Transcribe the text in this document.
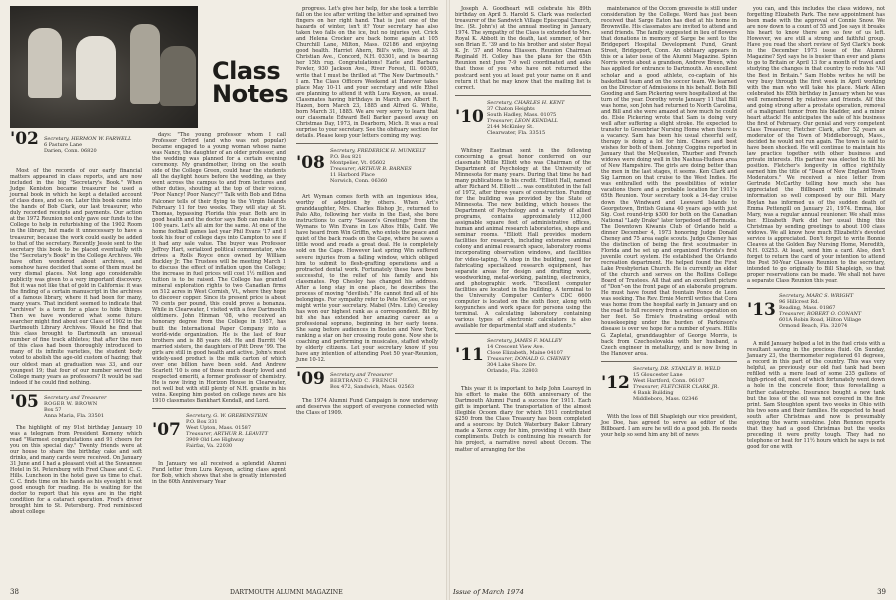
Class
Notes
'02 Secretary, HERMON W. FARWELL
6 Pasture Lane
Darien, Conn. 06820

Most of the records of our early financial matters appeared in class reports, and are now included in the big "Secretary's Book." When Judge Keniston became treasurer he used a journal book in which he kept a detailed account of class dues, and so on. Later this book came into the hands of Bob Clark, our last treasurer, who duly recorded receipts and payments. Our action at the 1972 Reunion not only gave our funds to the College to help in refurbishing of the 1902 Room in the library, but made it unnecessary to have a treasurer, because the work could easily be added to that of the secretary. Recently Jessie sent to the secretary this book to be placed eventually with the "Secretary's Book" in the College Archives. We have often wondered about archives, and somehow have decided that some of them must be very dismal places. Not long ago considerable publicity was given to a very important discovery. But it was not like that of gold in California: it was the finding of a certain manuscript in the archives of a famous library, where it had been for many, many years. That incident seemed to indicate that "archives" is a term for a place to hide things. Then we have wondered what some future searcher might find about our Class of 1902 in the Dartmouth Library Archives. Would he find that this class brought to Dartmouth an unusual number of fine track athletes; that after the men of this class had been thoroughly introduced to many of its infinite varieties, the student body voted to abolish the age-old custom of hazing; that our oldest man at graduation was 33, and our youngest 19; that four of our number served the College many years as professors? It would be sad indeed if he could find nothing.

'05 Secretary and Treasurer
ROGER W. BROWN
Box 57
Anna Maria, Fla. 33501

The highlight of my 91st birthday January 10 was a telegram from President Kemeny which read "Warmest congratulations and 91 cheers for you on this special day." Twenty friends were at our house to share the birthday cake and soft drinks, and many cards were received. On January 31 June and I had a pleasant visit at the Suwannee Hotel in St. Petersburg with Fred Chase and C. C. Hills. Luncheon in the hotel gave us time to chat. C. C. finds time on his hands as his eyesight is not good enough for reading. He is waiting for the doctor to report that his eyes are in the right condition for a cataract operation. Fred's driver brought him to St. Petersburg. Fred reminisced about college

days: "The young professor whom I call Professor Orford (and who was not popular) became engaged to a young woman whose name was Nancy, the daughter of an older professor, and the wedding was planned for a certain evening ceremony. My grandmother, living on the south side of the College Green, could hear the students all the daylight hours before the wedding, as they went across the campus to and from lectures and other duties, shouting at the top of their voices, 'Poor Nancy! Poor Nancy!'" Talk with Bob and Edna Falconer tells of their flying to the Virgin Islands February 11 for two weeks. They will stay at St. Thomas, bypassing Florida this year. Both are in good health and the doctor says Bob can make it to 100 years. Let's all aim for the same. At one of the home football games last year Phil Evans '17 and I took his four of college days into Campton to see if it had any sale value. The buyer was Professor Jeffrey Hart, serialized political commentator, who drives a Rolls Royce once owned by William Buckley Jr. The Trustees will be meeting March 1 to discuss the effect of inflation upon the College; the increase in fuel prices will cost 1½ million and tuition is to be raised. The College has granted mineral exploration rights to two Canadian firms on 512 acres in West Cornish, Vt., where they hope to discover copper. Since its present price is about 70 cents per pound, this could prove a bonanza. While in Clearwater, I visited with a few Dartmouth oldtimers. John Hinman '08, who received an honorary degree from the College in 1957, has built the International Paper Company into a world-wide organization. He is the last of four brothers and is 88 years old. He and Burritt '04 married sisters, the daughters of Pitt Drew '99. The girls are still in good health and active. John's most widely-used product is the milk carton of which over one billion have been sold. And Andrew Scarlett '10 is one of those much dearly loved and respected emeriti, a former professor of chemistry. He is now living in Horizon House in Clearwater, not well but with still plenty of N.H. granite in his veins. Keeping him posted on college news are his 1910 classmates Bankhart Kendall, and Lord.

'07
Secretary, G. W. GREBENSTEIN
P.O. Box 331
West Upton, Mass. 01587
Treasurer, ARTHUR R. LEAVITT
3909 Old Lee Highway
Fairfax, Va. 22030

In January we all received a splendid Alumni Fund letter from Lura Keyson, acting class agent for Bob, which shows that she is greatly interested in the 60th Anniversary Year

progress. Let's give her help, for she took a terrible fall on the ice after writing the letter and sprained two fingers on her right hand. That is just one of the hazards of winter, isn't it? Your secretary has also taken two falls on the ice, but no injuries yet. Crick and Helena Crocker are back home again at 105 Churchill Lane, Milton, Mass. 02186 and enjoying good health. Harriet Ahern, Bill's wife, lives at 33 Christian Ave., Concord, N.H. 03301, and is bearing her 15th rug. Congratulations! Earle and Barbara Fowler, 930 Jackson Ave., River Forest, Ill. 60305, write that I must be thrilled at "The New Dartmouth." I am. The Class Officers Weekend at Hanover takes place May 10-11 and your secretary and wife Ethel are planning to attend it with Lura Keyson, as usual. Classmates having birthdays in March are Albert R. Hazen, born March 23, 1885 and Alfred G. White, born March 31, 1885. We are very sorry to learn that our classmate Edward Bell Barker passed away on Christmas Day, 1973, in Dearborn, Mich. It was a real surprise to your secretary. See the obituary section for details. Please keep your letters coming my way.

'08
Secretary, FREDERICK H. MUNKELT
P.O. Box 821
Montpelier, Vt. 05602
Treasurer, ARTHUR B. BARNES
11 Harbord Place
Norwich, Conn. 06360

Art Wyman comes forth with an ingenious idea, worthy of adoption by others. When Art's granddaughter, Mrs. Charles Bishop Jr., returned to Palo Alto, following her visits in the East, she bore instructions to carry "Season's Greetings" from the Wymans to Win Evans in Los Altos Hills, Calif. We have heard from Win Griffin, who extols the peace and quiet of the back roads on the Cape, where he saws a little wood and reads a great deal. He is completely sold on the Cape. However last spring Win suffered severe injuries from a falling window, which obliged him to submit to flesh-grafting operations and a protracted dental work. Fortunately these have been successful, to the relief of his family and his classmates. Pop Chesley has changed his address. After a long stay in one place, he describes the process of moving "devilish." He cannot find all of his belongings. For sympathy refer to Pete McGee, or you might write your secretary. Mabel (Mrs. Life) Greeley has won our highest rank as a correspondent. Bit by bit she has extended her amazing career as a professional soprano, beginning in her early teens. She sang before audiences in Boston and New York, ranking a star on her crossing route gone. Now she is coaching and performing in musicales, staffed wholly by elderly citizens. Let your secretary know if you have any intention of attending Post 50 year-Reunion, June 10-12.

'09 Secretary and Treasurer
BERTRAND C. FRENCH
Box 472, Sandwich, Mass. 02563

The 1974 Alumni Fund Campaign is now underway and deserves the support of everyone connected with the Class of 1909.

38	DARTMOUTH ALUMNI MAGAZINE

Joseph A. Goodheart will celebrate his 89th birthday on April 5. Harold S. Clark was reelected treasurer of the Sandwich Village Episcopal Church, Inc. (St. John's) at the annual meeting in January 1974. The sympathy of the Class is extended to Mrs. Royal K. Abbott in the death, last summer, of her son Brian E. '39 and to his brother and sister Royal K. Jr. '37 and Mona Eliassen. Reunion Chairman Reginald H. Colley has the plans for the 65th Reunion next June 7-9 well coordinated and asks that those of you who have not returned the postcard sent you at least put your name on it and return it that he may know that the mailing list is correct.

'10
Secretary, CHARLES H. KENT
37 Chaton Heights
South Hadley, Mass. 01075
Treasurer, LEON KENDALL
2144 McKinley St.
Clearwater, Fla. 33515

Whitney Eastman sent in the following concerning a great honor conferred on our classmate Millie Elliott who was Chairman of the Department of Psychology at the University of Minnesota for many years. During that time he had many publications to his credit. "Elliott Hall, named after Richard M. Elliott ... was constituted in the fall of 1972, after three years of construction. Funding for the building was provided by the State of Minnesota. The new building, which houses the Department of Psychology and a variety of allied programs, contains approximately 112,000 assignable square feet of administrative offices, human and animal research laboratories, shops and seminar rooms. "Elliott Hall provides modern facilities for research, including extensive animal colony and animal research space, laboratory rooms incorporating observation windows, and facilities for video-taping. "A shop in the building, used for fabricating specialized research equipment, has separate areas for design and drafting work, woodworking, metal-working, painting, electronics, and photographic work. "Excellent computer facilities are located in the building. A terminal to the University Computer Center's CDC 6600 computer is located on the sixth floor, along with keypunches and work space for persons using the terminal. A calculating laboratory containing various types of electronic calculators is also available for departmental staff and students."

'11
Secretary, JAMES F. MALLEY
14 Crescent View Ave.
Close Elizabeth, Maine 04107
Treasurer, DONALD G. CHENEY
304 Lake Shore Dr.
Orlando, Fla. 32803

This year it is important to help John Learoyd in his effort to make the 60th anniversary of the Dartmouth Alumni Fund a success for 1911. Each gift is important. The transportation of the almost illegible Ocoom diary for which 1911 contributed $250 from the Class Treasury has been completed and a sources: by Dutch Waterbury Baker Library made a Xerox copy for him, providing it with their compliments. Dutch is continuing his research for his project, a narrative novel about Occom. The matter of arranging for the

maintenance of the Occom gravesite is still under consideration by the College. Word has just been received that Sarge Eaton has died at his home in Brownville. His classmates are invited to attend and send friends. The family suggested in lieu of flowers that donations in memory of Sarge be sent to the Bridgeport Hospital Development Fund, Grant Street, Bridgeport, Conn. An obituary appears in this or a later issue of the Alumni Magazine. Spinn Norris wrote about a grandson, Andrew Breen, who has applied for entrance to Dartmouth. An excellent scholar and a good athlete, co-captain of his basketball team and on the soccer team. We learned on the Director of Admissions in his behalf. Both Bill Gooding and Sam Pickering were hospitalized at the turn of the year. Dorothy wrote January 11 that Bill was home, son John had returned to North Carolina, and Bill and she were amazed at how much he could do. Elsie Pickering wrote that Sam is doing very well after suffering a slight stroke. He expected to transfer to Greenbriar Nursing Home when there is a vacancy. Sam has been his usual cheerful self, therapy is doing a lot for him. Cheers and best wishes for both of them. Johnny Coggins reported in January that the McQuesten, Thurber and French widows were doing well in the Nashua-Hudson area of New Hampshire. The girls are doing better than the men in the last stages, it seems. Ken Clark and Sig Larmon on that cruise to the West Indies. He was enthralled with the possibilities of winter vacations there and a probable location for 1911's 65th Reunion. Your secretary took a 34-day cruise down the Windward and Leeward Islands to Georgetown, British Guiana 40 years ago with just Sig. Cost round-trip $300 for both on the Canadian National "Lady Drake" later torpedoed off Bermuda. The Downtown Kiwanis Club of Orlando held a dinner December 4, 1973 honoring Judge Donald Cheney and 75 area eagle scouts. Judge Cheney has the distinction of being the first scoutmaster in Florida and he set up and organized Florida's first juvenile court system. He established the Orlando recreation department. He helped found the First Lake Presbyterian Church. He is currently an elder of the church and serves on the Rollins College Board of Trustees. All that and an excellent picture of "Don"-on the front page of an elaborate program. He must have found that fountain Ponce de Leon was seeking. The Rev. Ernie Merrill writes that Cora was home from the hospital early in January and on the road to full recovery from a serious operation on her feet. So Ernie's frustrating ordeal with housekeeping under the burden of Parkinson's disease is over we hope for a number of years. Hillis G. Zapletal, granddaughter of George Morris, is back from Czechoslovakia with her husband, a Czech engineer in metallurgy, and is now living in the Hanover area.

'12
Secretary, DR. STANLEY B. WELD
15 Gloucester Lane
West Hartford, Conn. 06107
Treasurer, FLETCHER CLARK JR.
4 Bank Building
Middleboro, Mass. 02346

With the loss of Bill Shapleigh our vice president, Joe Doe, has agreed to serve as editor of the Billboard. I am sure he will do a good job. He needs your help so send him any bit of news

you can, and this includes the class widows, not forgetting Elizabeth Park. The new appointment has been made with the approval of Connie Snow. We are now down to a count of 55 and Joe says it breaks his heart to know there are so few of us left. However, we are still a strong and faithful group. Have you read the short review of Syd Clark's book in the December 1973 issue of the Alumni Magazine? Syd says he is busier than ever and plans to go to Britain or April 13 for a month of travel and studying the changes in that country to redo his "All the Best in Britain." Sam Hobbs writes he will be very busy through the first week in April working with the man who will take his place. Mark Allen celebrated his 85th birthday in January when he was well remembered by relatives and friends. Alf this and going strong after a prostate operation, removal of a malignant tumor from his bladder, and a minor heart attack! He anticipates the sale of his business the first of February. Our genial and very competent Class Treasurer, Fletcher Clark, after 52 years as moderator of the Town of Middleborough, Mass., decided he would not run again. The town is said to have been shocked. He will continue to maintain his law practice together with other business and private interests. His partner was elected to fill his position. Fletcher's longevity in office rightfully earned him the title of "Dean of New England Town Moderators." We received a nice letter from Gertrude McCarthy telling how much she has appreciated the Billboard with its intimate information so well composed by our Bill. Mary Boylan has informed us of the sudden death of Emma Pettengill on January 21, 1974. Emma, like Mary, was a regular annual reunioner. We shall miss her. Elizabeth Park did her usual thing this Christmas by sending greetings to about 100 class widows. We all know how much Elizabeth's devoted service is appreciated. Don't forget to write Bonnie Cleaves at the Golden Bay Nursing Home, Meredith, N.H. 03253. At least, send him a card. Also, don't forget to return the card of your intention to attend the Post 50-Year Classes Reunion to the secretary, intended to go originally to Bill Shapleigh, so that proper reservations can be made. We shall not have a separate Class Reunion this year.

'13
Secretary, MARC S. WRIGHT
96 Hillcrest Rd.
Reading, Mass. 01867
Treasurer, ROBERT O. CONANT
601A Robin Road, Hilton Village
Ormond Beach, Fla. 32074

A mild January helped a lot in the fuel crisis with a resultant saving in the precious fluid. On Sunday, January 23, the thermometer registered 61 degrees, a record in this part of the country. This was very helpful, as previously our old fuel tank had been refilled with a mere load of some 235 gallons of high-priced oil, most of which fortunately went down a hole in the concrete floor, thus forestalling a further catastrophe. Insurance bought a new tank but the loss of the oil was not covered in the fine print. Sam Stoughton spent two weeks in Ohio with his two sons and their families. He expected to head south after Christmas and now is presumably enjoying the warm sunshine. John Rennon reports that they had a good Christmas but the weeks preceding it were pretty tough. They had no telephone or heat for 11½ hours which he says is not good for one with

Issue of March 1974	39
